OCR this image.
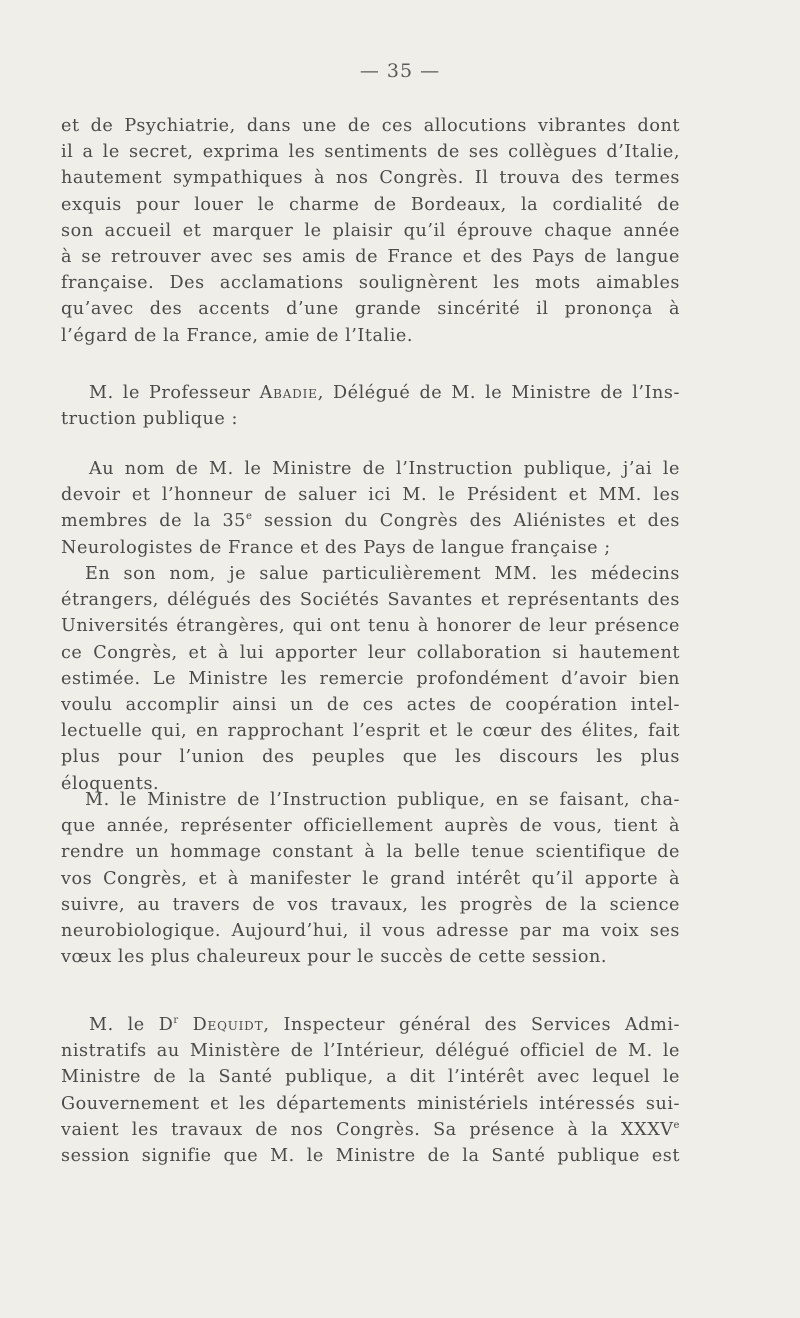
— 35 —
et de Psychiatrie, dans une de ces allocutions vibrantes dont
il a le secret, exprima les sentiments de ses collègues d’Italie,
hautement sympathiques à nos Congrès. Il trouva des termes
exquis pour louer le charme de Bordeaux, la cordialité de
son accueil et marquer le plaisir qu’il éprouve chaque année
à se retrouver avec ses amis de France et des Pays de langue
française. Des acclamations soulignèrent les mots aimables
qu’avec des accents d’une grande sincérité il prononça à
l’égard de la France, amie de l’Italie.
M. le Professeur Abadie, Délégué de M. le Ministre de l’Ins-
truction publique :
Au nom de M. le Ministre de l’Instruction publique, j’ai le
devoir et l’honneur de saluer ici M. le Président et MM. les
membres de la 35e session du Congrès des Aliénistes et des
Neurologistes de France et des Pays de langue française ;
En son nom, je salue particulièrement MM. les médecins
étrangers, délégués des Sociétés Savantes et représentants des
Universités étrangères, qui ont tenu à honorer de leur présence
ce Congrès, et à lui apporter leur collaboration si hautement
estimée. Le Ministre les remercie profondément d’avoir bien
voulu accomplir ainsi un de ces actes de coopération intel-
lectuelle qui, en rapprochant l’esprit et le cœur des élites, fait
plus pour l’union des peuples que les discours les plus
éloquents.
M. le Ministre de l’Instruction publique, en se faisant, cha-
que année, représenter officiellement auprès de vous, tient à
rendre un hommage constant à la belle tenue scientifique de
vos Congrès, et à manifester le grand intérêt qu’il apporte à
suivre, au travers de vos travaux, les progrès de la science
neurobiologique. Aujourd’hui, il vous adresse par ma voix ses
vœux les plus chaleureux pour le succès de cette session.
M. le $D^r$ Dequidt, Inspecteur général des Services Admi-
nistratifs au Ministère de l’Intérieur, délégué officiel de M. le
Ministre de la Santé publique, a dit l’intérêt avec lequel le
Gouvernement et les départements ministériels intéressés sui-
vaient les travaux de nos Congrès. Sa présence à la XXXVe
session signifie que M. le Ministre de la Santé publique est
